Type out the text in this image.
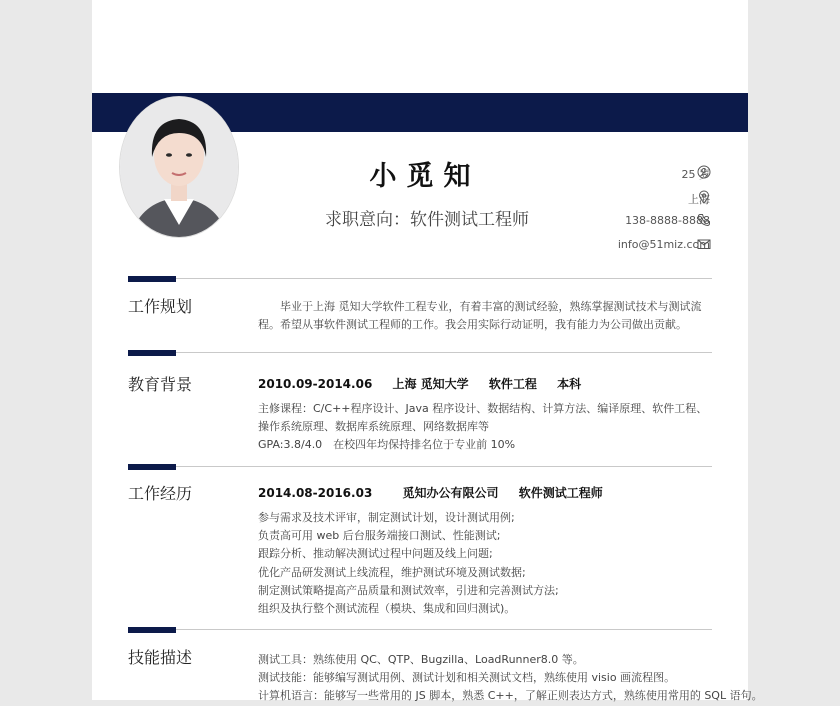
小觅知
求职意向：软件测试工程师
25 岁
上海
138-8888-8888
info@51miz.com
工作规划	毕业于上海 觅知大学软件工程专业，有着丰富的测试经验，熟练掌握测试技术与测试流程。希望从事软件测试工程师的工作。我会用实际行动证明，我有能力为公司做出贡献。
教育背景	2010.09-2014.06 上海 觅知大学 软件工程 本科
主修课程：C/C++程序设计、Java 程序设计、数据结构、计算方法、编译原理、软件工程、操作系统原理、数据库系统原理、网络数据库等
GPA:3.8/4.0　在校四年均保持排名位于专业前 10%
工作经历	2014.08-2016.03	觅知办公有限公司 软件测试工程师
参与需求及技术评审，制定测试计划，设计测试用例;
负责高可用 web 后台服务端接口测试、性能测试;
跟踪分析、推动解决测试过程中问题及线上问题;
优化产品研发测试上线流程，维护测试环境及测试数据;
制定测试策略提高产品质量和测试效率，引进和完善测试方法;
组织及执行整个测试流程（模块、集成和回归测试)。
技能描述	测试工具：熟练使用 QC、QTP、Bugzilla、LoadRunner8.0 等。
测试技能：能够编写测试用例、测试计划和相关测试文档，熟练使用 visio 画流程图。
计算机语言：能够写一些常用的 JS 脚本，熟悉 C++，了解正则表达方式，熟练使用常用的 SQL 语句。
